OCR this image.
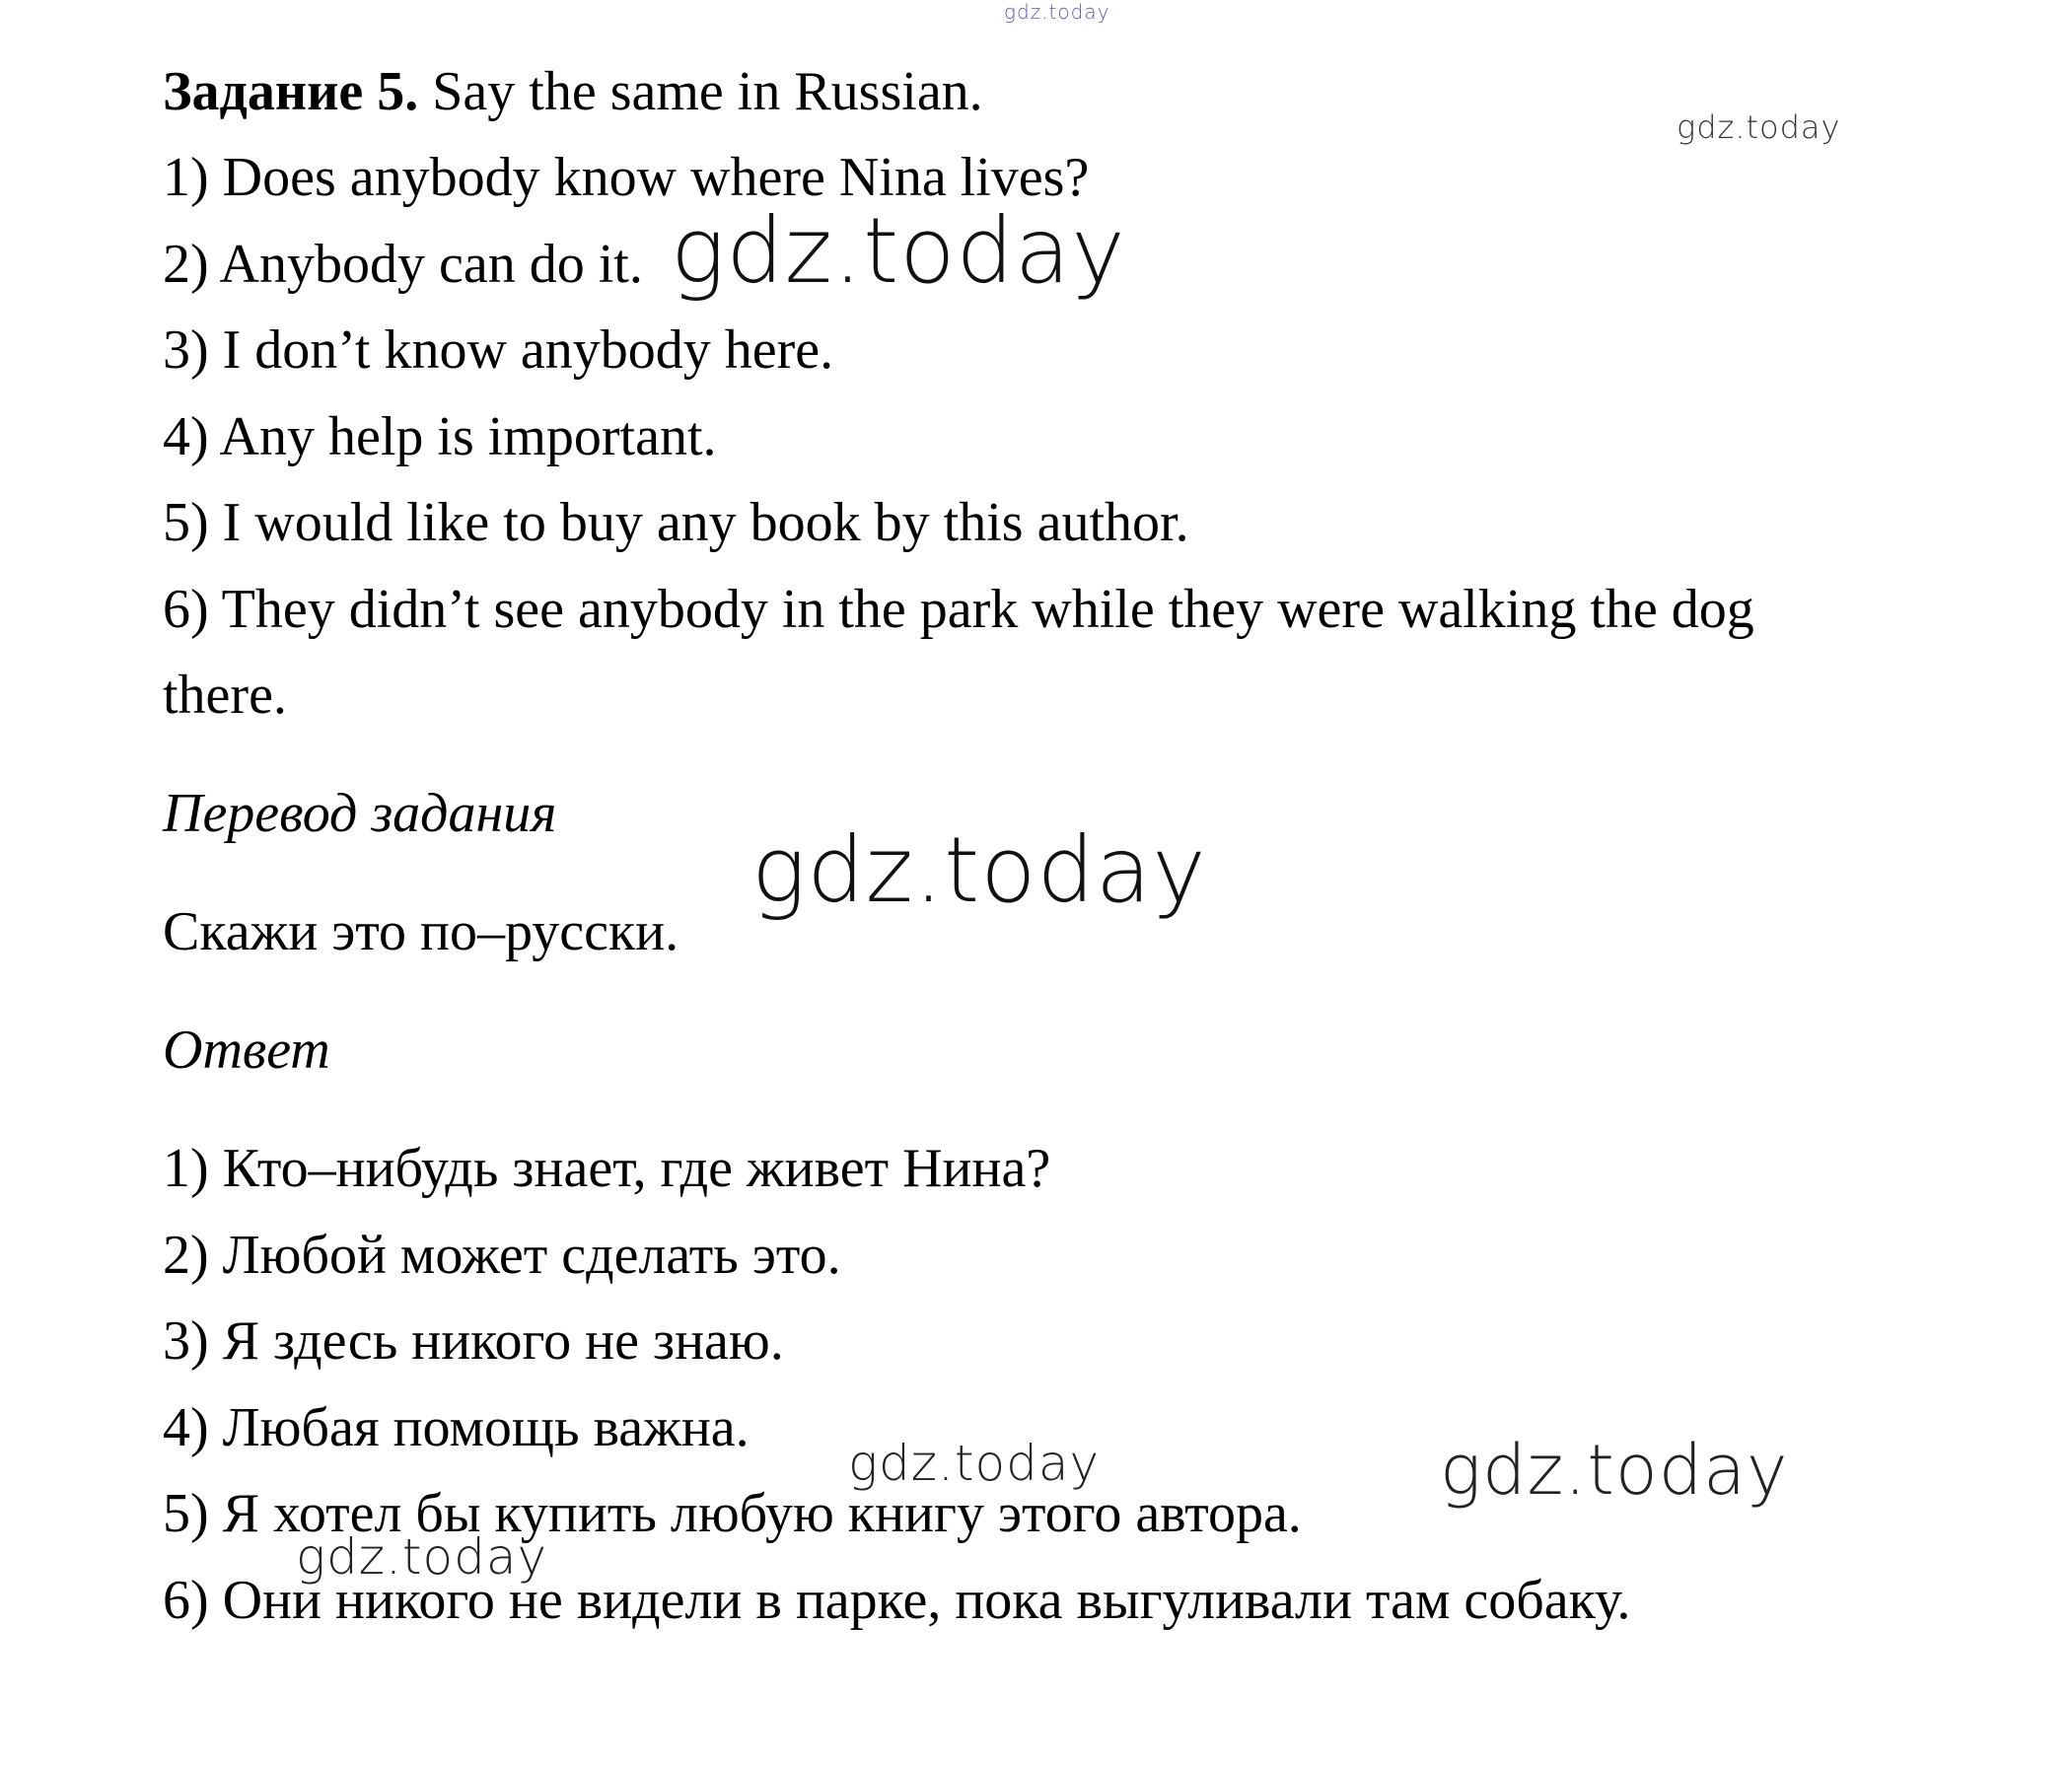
Задание 5. Say the same in Russian.
1) Does anybody know where Nina lives?
2) Anybody can do it.
3) I don’t know anybody here.
4) Any help is important.
5) I would like to buy any book by this author.
6) They didn’t see anybody in the park while they were walking the dog
there.
Перевод задания
Скажи это по–русски.
Ответ
1) Кто–нибудь знает, где живет Нина?
2) Любой может сделать это.
3) Я здесь никого не знаю.
4) Любая помощь важна.
5) Я хотел бы купить любую книгу этого автора.
6) Они никого не видели в парке, пока выгуливали там собаку.
gdz.today
gdz.today
gdz.today
gdz.today
gdz.today	gdz.today
gdz.today
